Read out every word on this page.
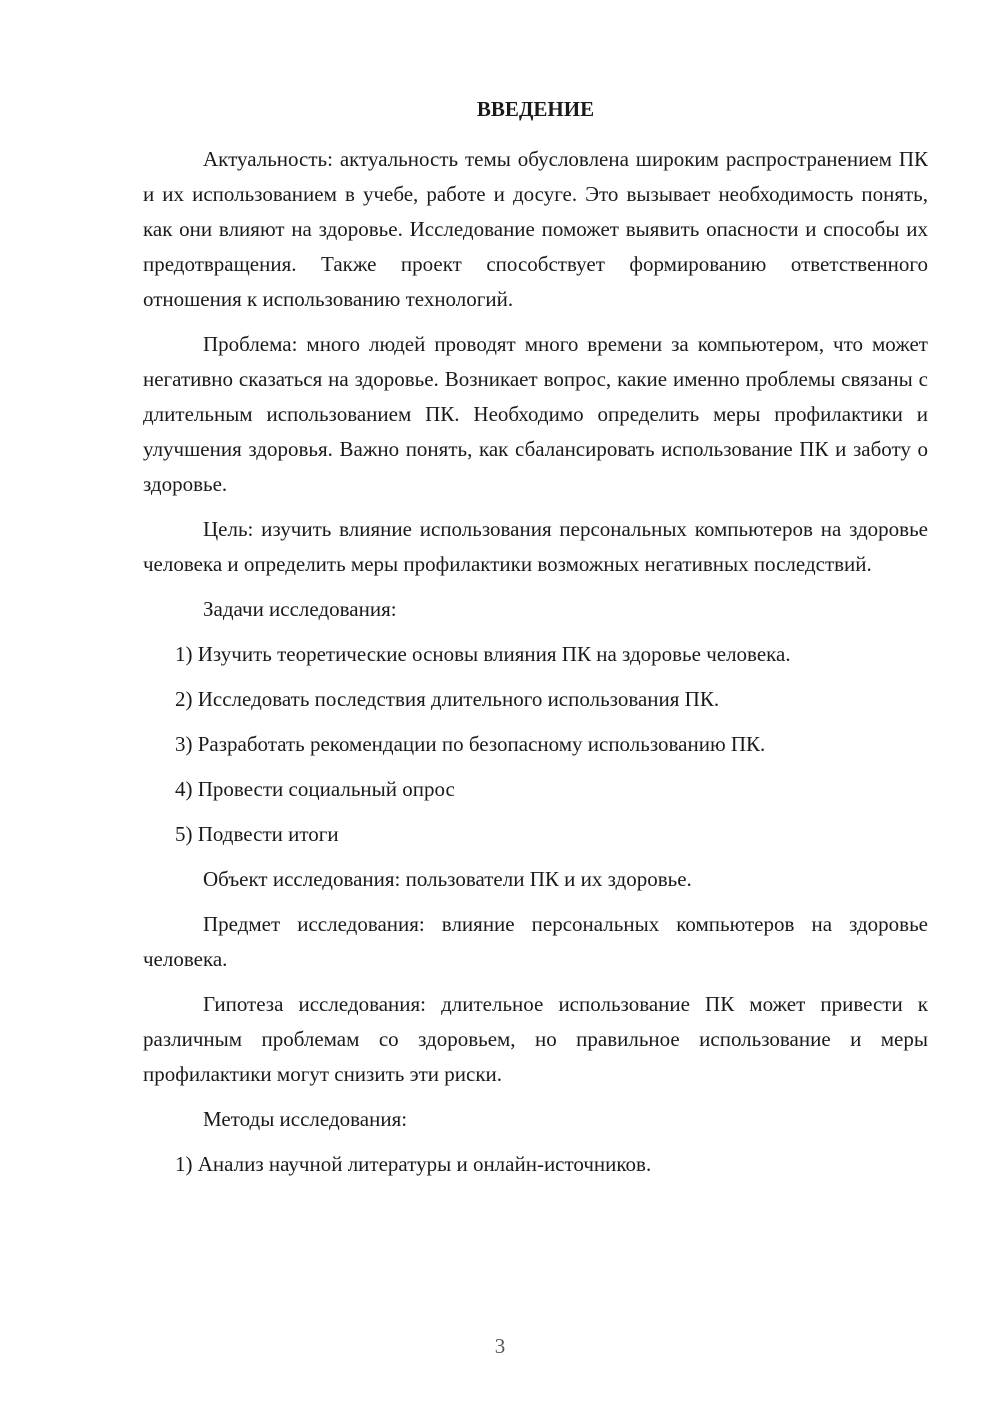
ВВЕДЕНИЕ

Актуальность: актуальность темы обусловлена широким распространением ПК и их использованием в учебе, работе и досуге. Это вызывает необходимость понять, как они влияют на здоровье. Исследование поможет выявить опасности и способы их предотвращения. Также проект способствует формированию ответственного отношения к использованию технологий.

Проблема: много людей проводят много времени за компьютером, что может негативно сказаться на здоровье. Возникает вопрос, какие именно проблемы связаны с длительным использованием ПК. Необходимо определить меры профилактики и улучшения здоровья. Важно понять, как сбалансировать использование ПК и заботу о здоровье.

Цель: изучить влияние использования персональных компьютеров на здоровье человека и определить меры профилактики возможных негативных последствий.

Задачи исследования:

1) Изучить теоретические основы влияния ПК на здоровье человека.

2) Исследовать последствия длительного использования ПК.

3) Разработать рекомендации по безопасному использованию ПК.

4) Провести социальный опрос

5) Подвести итоги

Объект исследования: пользователи ПК и их здоровье.

Предмет исследования: влияние персональных компьютеров на здоровье человека.

Гипотеза исследования: длительное использование ПК может привести к различным проблемам со здоровьем, но правильное использование и меры профилактики могут снизить эти риски.

Методы исследования:

1) Анализ научной литературы и онлайн-источников.

3
